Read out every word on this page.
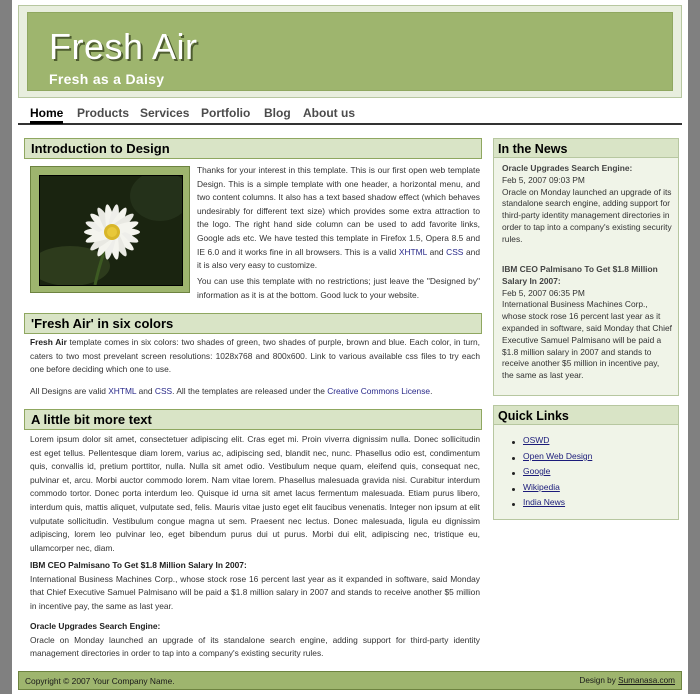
Fresh Air
Fresh as a Daisy
Home Products Services Portfolio Blog About us
Introduction to Design
Thanks for your interest in this template. This is our first open web template Design. This is a simple template with one header, a horizontal menu, and two content columns. It also has a text based shadow effect (which behaves undesirably for different text size) which provides some extra attraction to the logo. The right hand side column can be used to add favorite links, Google ads etc. We have tested this template in Firefox 1.5, Opera 8.5 and IE 6.0 and it works fine in all browsers. This is a valid XHTML and CSS and it is also very easy to customize.
You can use this template with no restrictions; just leave the "Designed by" information as it is at the bottom. Good luck to your website.
'Fresh Air' in six colors
Fresh Air template comes in six colors: two shades of green, two shades of purple, brown and blue. Each color, in turn, caters to two most prevelant screen resolutions: 1028x768 and 800x600. Link to various available css files to try each one before deciding which one to use.
All Designs are valid XHTML and CSS. All the templates are released under the Creative Commons License.
A little bit more text
Lorem ipsum dolor sit amet, consectetuer adipiscing elit. Cras eget mi. Proin viverra dignissim nulla. Donec sollicitudin est eget tellus. Pellentesque diam lorem, varius ac, adipiscing sed, blandit nec, nunc. Phasellus odio est, condimentum quis, convallis id, pretium porttitor, nulla. Nulla sit amet odio. Vestibulum neque quam, eleifend quis, consequat nec, pulvinar et, arcu. Morbi auctor commodo lorem. Nam vitae lorem. Phasellus malesuada gravida nisi. Curabitur interdum commodo tortor. Donec porta interdum leo. Quisque id urna sit amet lacus fermentum malesuada. Etiam purus libero, interdum quis, mattis aliquet, vulputate sed, felis. Mauris vitae justo eget elit faucibus venenatis. Integer non ipsum at elit vulputate sollicitudin. Vestibulum congue magna ut sem. Praesent nec lectus. Donec malesuada, ligula eu dignissim adipiscing, lorem leo pulvinar leo, eget bibendum purus dui ut purus. Morbi dui elit, adipiscing nec, tristique eu, ullamcorper nec, diam.
IBM CEO Palmisano To Get $1.8 Million Salary In 2007:
International Business Machines Corp., whose stock rose 16 percent last year as it expanded in software, said Monday that Chief Executive Samuel Palmisano will be paid a $1.8 million salary in 2007 and stands to receive another $5 million in incentive pay, the same as last year.
Oracle Upgrades Search Engine:
Oracle on Monday launched an upgrade of its standalone search engine, adding support for third-party identity management directories in order to tap into a company's existing security rules.
In the News
Oracle Upgrades Search Engine:
Feb 5, 2007 09:03 PM
Oracle on Monday launched an upgrade of its standalone search engine, adding support for third-party identity management directories in order to tap into a company's existing security rules.
IBM CEO Palmisano To Get $1.8 Million Salary In 2007:
Feb 5, 2007 06:35 PM
International Business Machines Corp., whose stock rose 16 percent last year as it expanded in software, said Monday that Chief Executive Samuel Palmisano will be paid a $1.8 million salary in 2007 and stands to receive another $5 million in incentive pay, the same as last year.
Quick Links
OSWD
Open Web Design
Google
Wikipedia
India News
Copyright © 2007 Your Company Name.	Design by Sumanasa.com
